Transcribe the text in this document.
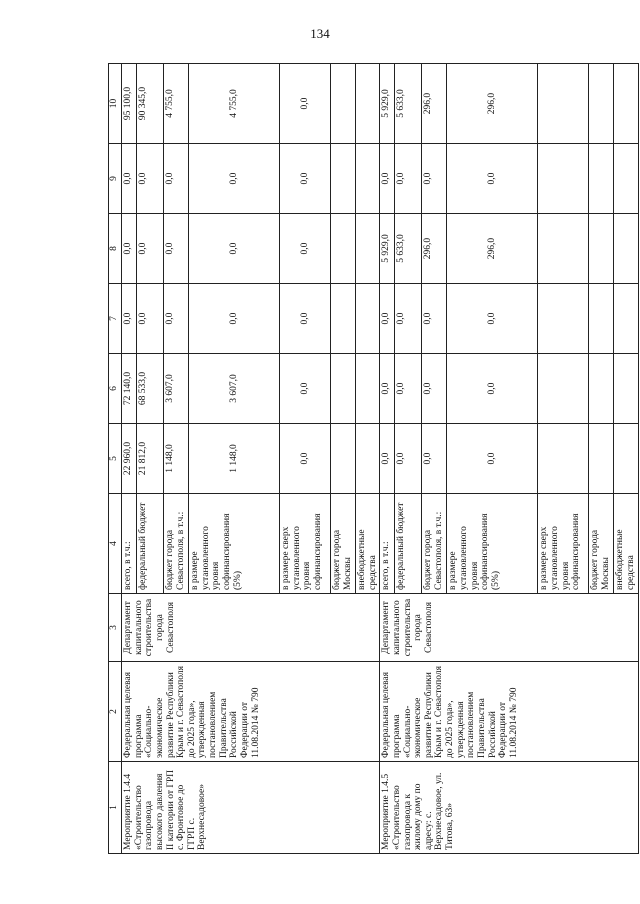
134
1	2	3	4	5	6	7	8	9	10
Мероприятие 1.4.4 «Строительство газопровода высокого давления II категории от ГРП с. Фронтовое до ГГРП с. Верхнесадовое»	Федеральная целевая программа «Социально-экономическое развитие Республики Крым и г. Севастополя до 2025 года», утвержденная постановлением Правительства Российской Федерации от 11.08.2014 № 790	Департамент капитального строительства города Севастополя	всего, в т.ч.:	22 960,0	72 140,0	0,0	0,0	0,0	95 100,0
			федеральный бюджет	21 812,0	68 533,0	0,0	0,0	0,0	90 345,0
			бюджет города Севастополя, в т.ч.:	1 148,0	3 607,0	0,0	0,0	0,0	4 755,0
			в размере установленного уровня софинансирования (5%)	1 148,0	3 607,0	0,0	0,0	0,0	4 755,0
			в размере сверх установленного уровня софинансирования	0,0	0,0	0,0	0,0	0,0	0,0
			бюджет города Москвы						
			внебюджетные средства						
Мероприятие 1.4.5 «Строительство газопровода к жилому дому по адресу: с. Верхнесадовое, ул. Титова, 63»	Федеральная целевая программа «Социально-экономическое развитие Республики Крым и г. Севастополя до 2025 года», утвержденная постановлением Правительства Российской Федерации от 11.08.2014 № 790	Департамент капитального строительства города Севастополя	всего, в т.ч.:	0,0	0,0	0,0	5 929,0	0,0	5 929,0
			федеральный бюджет	0,0	0,0	0,0	5 633,0	0,0	5 633,0
			бюджет города Севастополя, в т.ч.:	0,0	0,0	0,0	296,0	0,0	296,0
			в размере установленного уровня софинансирования (5%)	0,0	0,0	0,0	296,0	0,0	296,0
			в размере сверх установленного уровня софинансирования						
			бюджет города Москвы						
			внебюджетные средства						
